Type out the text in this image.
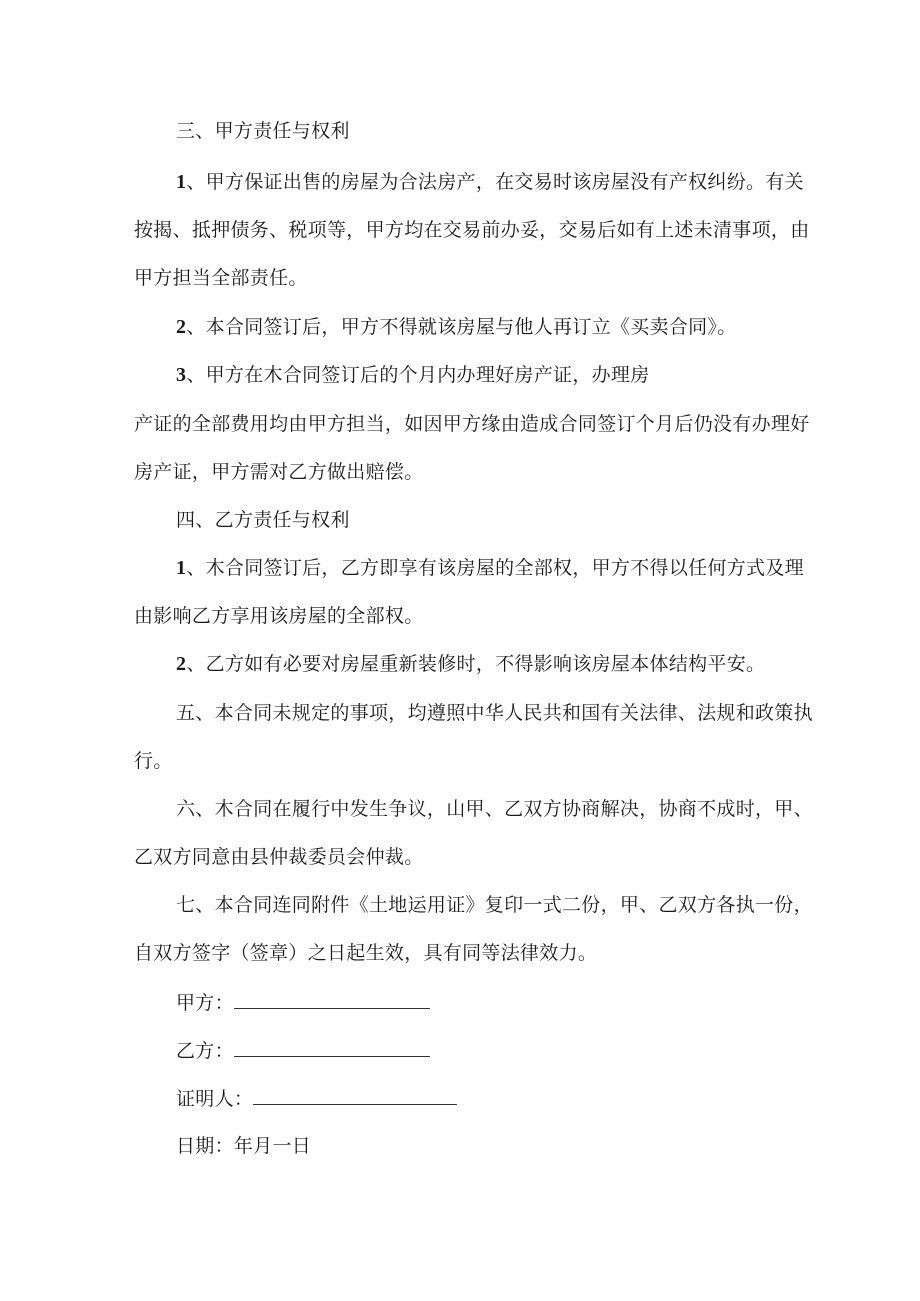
三、甲方责任与权利
1、甲方保证出售的房屋为合法房产，在交易时该房屋没有产权纠纷。有关
按揭、抵押债务、税项等，甲方均在交易前办妥，交易后如有上述未清事项，由
甲方担当全部责任。
2、本合同签订后，甲方不得就该房屋与他人再订立《买卖合同》。
3、甲方在木合同签订后的个月内办理好房产证，办理房
产证的全部费用均由甲方担当，如因甲方缘由造成合同签订个月后仍没有办理好
房产证，甲方需对乙方做出赔偿。
四、乙方责任与权利
1、木合同签订后，乙方即享有该房屋的全部权，甲方不得以任何方式及理
由影响乙方享用该房屋的全部权。
2、乙方如有必要对房屋重新装修时，不得影响该房屋本体结构平安。
五、本合同未规定的事项，均遵照中华人民共和国有关法律、法规和政策执
行。
六、木合同在履行中发生争议，山甲、乙双方协商解决，协商不成时，甲、
乙双方同意由县仲裁委员会仲裁。
七、本合同连同附件《土地运用证》复印一式二份，甲、乙双方各执一份，
自双方签字（签章）之日起生效，具有同等法律效力。
甲方：
乙方：
证明人：
日期：年月一日
